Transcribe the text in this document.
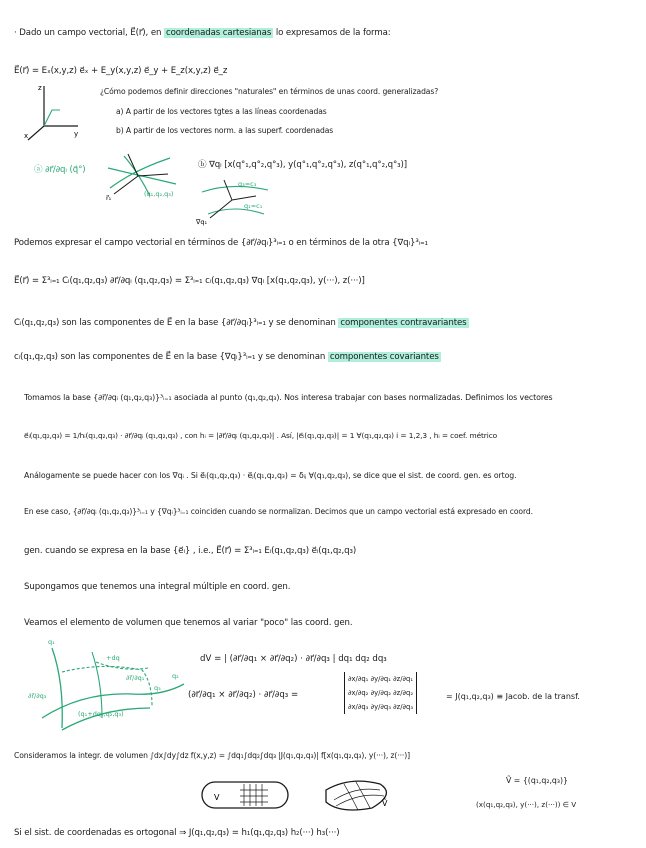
· Dado un campo vectorial, E⃗(r⃗), en coordenadas cartesianas lo expresamos de la forma:
E⃗(r⃗) = Eₓ(x,y,z) e⃗ₓ + E_y(x,y,z) e⃗_y + E_z(x,y,z) e⃗_z
z
y
x
¿Cómo podemos definir direcciones "naturales" en términos de unas coord. generalizadas?
a) A partir de los vectores tgtes a las líneas coordenadas
b) A partir de los vectores norm. a las superf. coordenadas
ⓐ ∂r⃗/∂qᵢ (q⃗°)
(q₁,q₂,q₃)
r⃗₁
ⓑ ∇qᵢ [x(q°₁,q°₂,q°₃), y(q°₁,q°₂,q°₃), z(q°₁,q°₂,q°₃)]
q₃=c₃
q₁=c₁
∇q₁
Podemos expresar el campo vectorial en términos de {∂r⃗/∂qᵢ}³ᵢ₌₁ o en términos de la otra {∇qᵢ}³ᵢ₌₁
E⃗(r⃗) = Σ³ᵢ₌₁ Cᵢ(q₁,q₂,q₃) ∂r⃗/∂qᵢ (q₁,q₂,q₃) = Σ³ᵢ₌₁ cᵢ(q₁,q₂,q₃) ∇qᵢ [x(q₁,q₂,q₃), y(···), z(···)]
Cᵢ(q₁,q₂,q₃) son las componentes de E⃗ en la base {∂r⃗/∂qᵢ}³ᵢ₌₁ y se denominan componentes contravariantes
cᵢ(q₁,q₂,q₃) son las componentes de E⃗ en la base {∇qᵢ}³ᵢ₌₁ y se denominan componentes covariantes
Tomamos la base {∂r⃗/∂qᵢ (q₁,q₂,q₃)}³ᵢ₌₁ asociada al punto (q₁,q₂,q₃). Nos interesa trabajar con bases normalizadas. Definimos los vectores
e⃗ᵢ(q₁,q₂,q₃) = 1/hᵢ(q₁,q₂,q₃) · ∂r⃗/∂qᵢ (q₁,q₂,q₃) , con hᵢ = |∂r⃗/∂qᵢ (q₁,q₂,q₃)| . Así, |e⃗ᵢ(q₁,q₂,q₃)| = 1 ∀(q₁,q₂,q₃) i = 1,2,3 , hᵢ = coef. métrico
Análogamente se puede hacer con los ∇qᵢ . Si e⃗ᵢ(q₁,q₂,q₃) · e⃗ⱼ(q₁,q₂,q₃) = δᵢⱼ ∀(q₁,q₂,q₃), se dice que el sist. de coord. gen. es ortog.
En ese caso, {∂r⃗/∂qᵢ (q₁,q₂,q₃)}³ᵢ₌₁ y {∇qᵢ}³ᵢ₌₁ coinciden cuando se normalizan. Decimos que un campo vectorial está expresado en coord.
gen. cuando se expresa en la base {e⃗ᵢ} , i.e., E⃗(r⃗) = Σ³ᵢ₌₁ Eᵢ(q₁,q₂,q₃) e⃗ᵢ(q₁,q₂,q₃)
Supongamos que tenemos una integral múltiple en coord. gen.
Veamos el elemento de volumen que tenemos al variar "poco" las coord. gen.
q₁
∂r⃗/∂q₃
∂r⃗/∂q₁
(q₁+dq₁,q₂,q₃)
q₃
q₂
+dq	dV = | (∂r⃗/∂q₁ × ∂r⃗/∂q₂) · ∂r⃗/∂q₃ | dq₁ dq₂ dq₃
(∂r⃗/∂q₁ × ∂r⃗/∂q₂) · ∂r⃗/∂q₃ =
∂x/∂q₁ ∂y/∂q₁ ∂z/∂q₁
∂x/∂q₂ ∂y/∂q₂ ∂z/∂q₂
∂x/∂q₃ ∂y/∂q₃ ∂z/∂q₃
= J(q₁,q₂,q₃) ≡ Jacob. de la transf.
Consideramos la integr. de volumen ∫dx∫dy∫dz f(x,y,z) = ∫dq₁∫dq₂∫dq₃ |J(q₁,q₂,q₃)| f[x(q₁,q₂,q₃), y(···), z(···)]
V
Ṽ
Ṽ = {(q₁,q₂,q₃)}
(x(q₁,q₂,q₃), y(···), z(···)) ∈ V
Si el sist. de coordenadas es ortogonal ⇒ J(q₁,q₂,q₃) = h₁(q₁,q₂,q₃) h₂(···) h₃(···)
